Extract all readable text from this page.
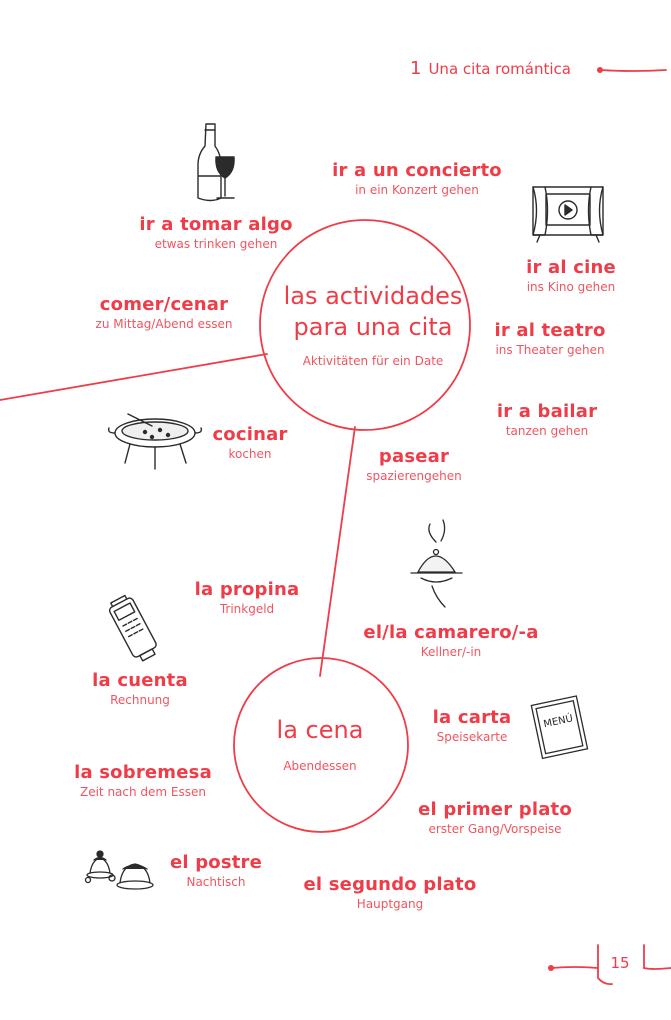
MENÚ
1 Una cita romántica
las actividades
para una cita
Aktivitäten für ein Date
la cena
Abendessen
ir a un concierto
in ein Konzert gehen
ir a tomar algo
etwas trinken gehen
ir al cine
ins Kino gehen
comer/cenar
zu Mittag/Abend essen	ir al teatro
ins Theater gehen
ir a bailar
tanzen gehen
cocinar
kochen	pasear
spazierengehen
la propina
Trinkgeld
el/la camarero/-a
Kellner/-in
la cuenta
Rechnung
la carta
Speisekarte
la sobremesa
Zeit nach dem Essen
el primer plato
erster Gang/Vorspeise
el postre
Nachtisch	el segundo plato
Hauptgang
15
